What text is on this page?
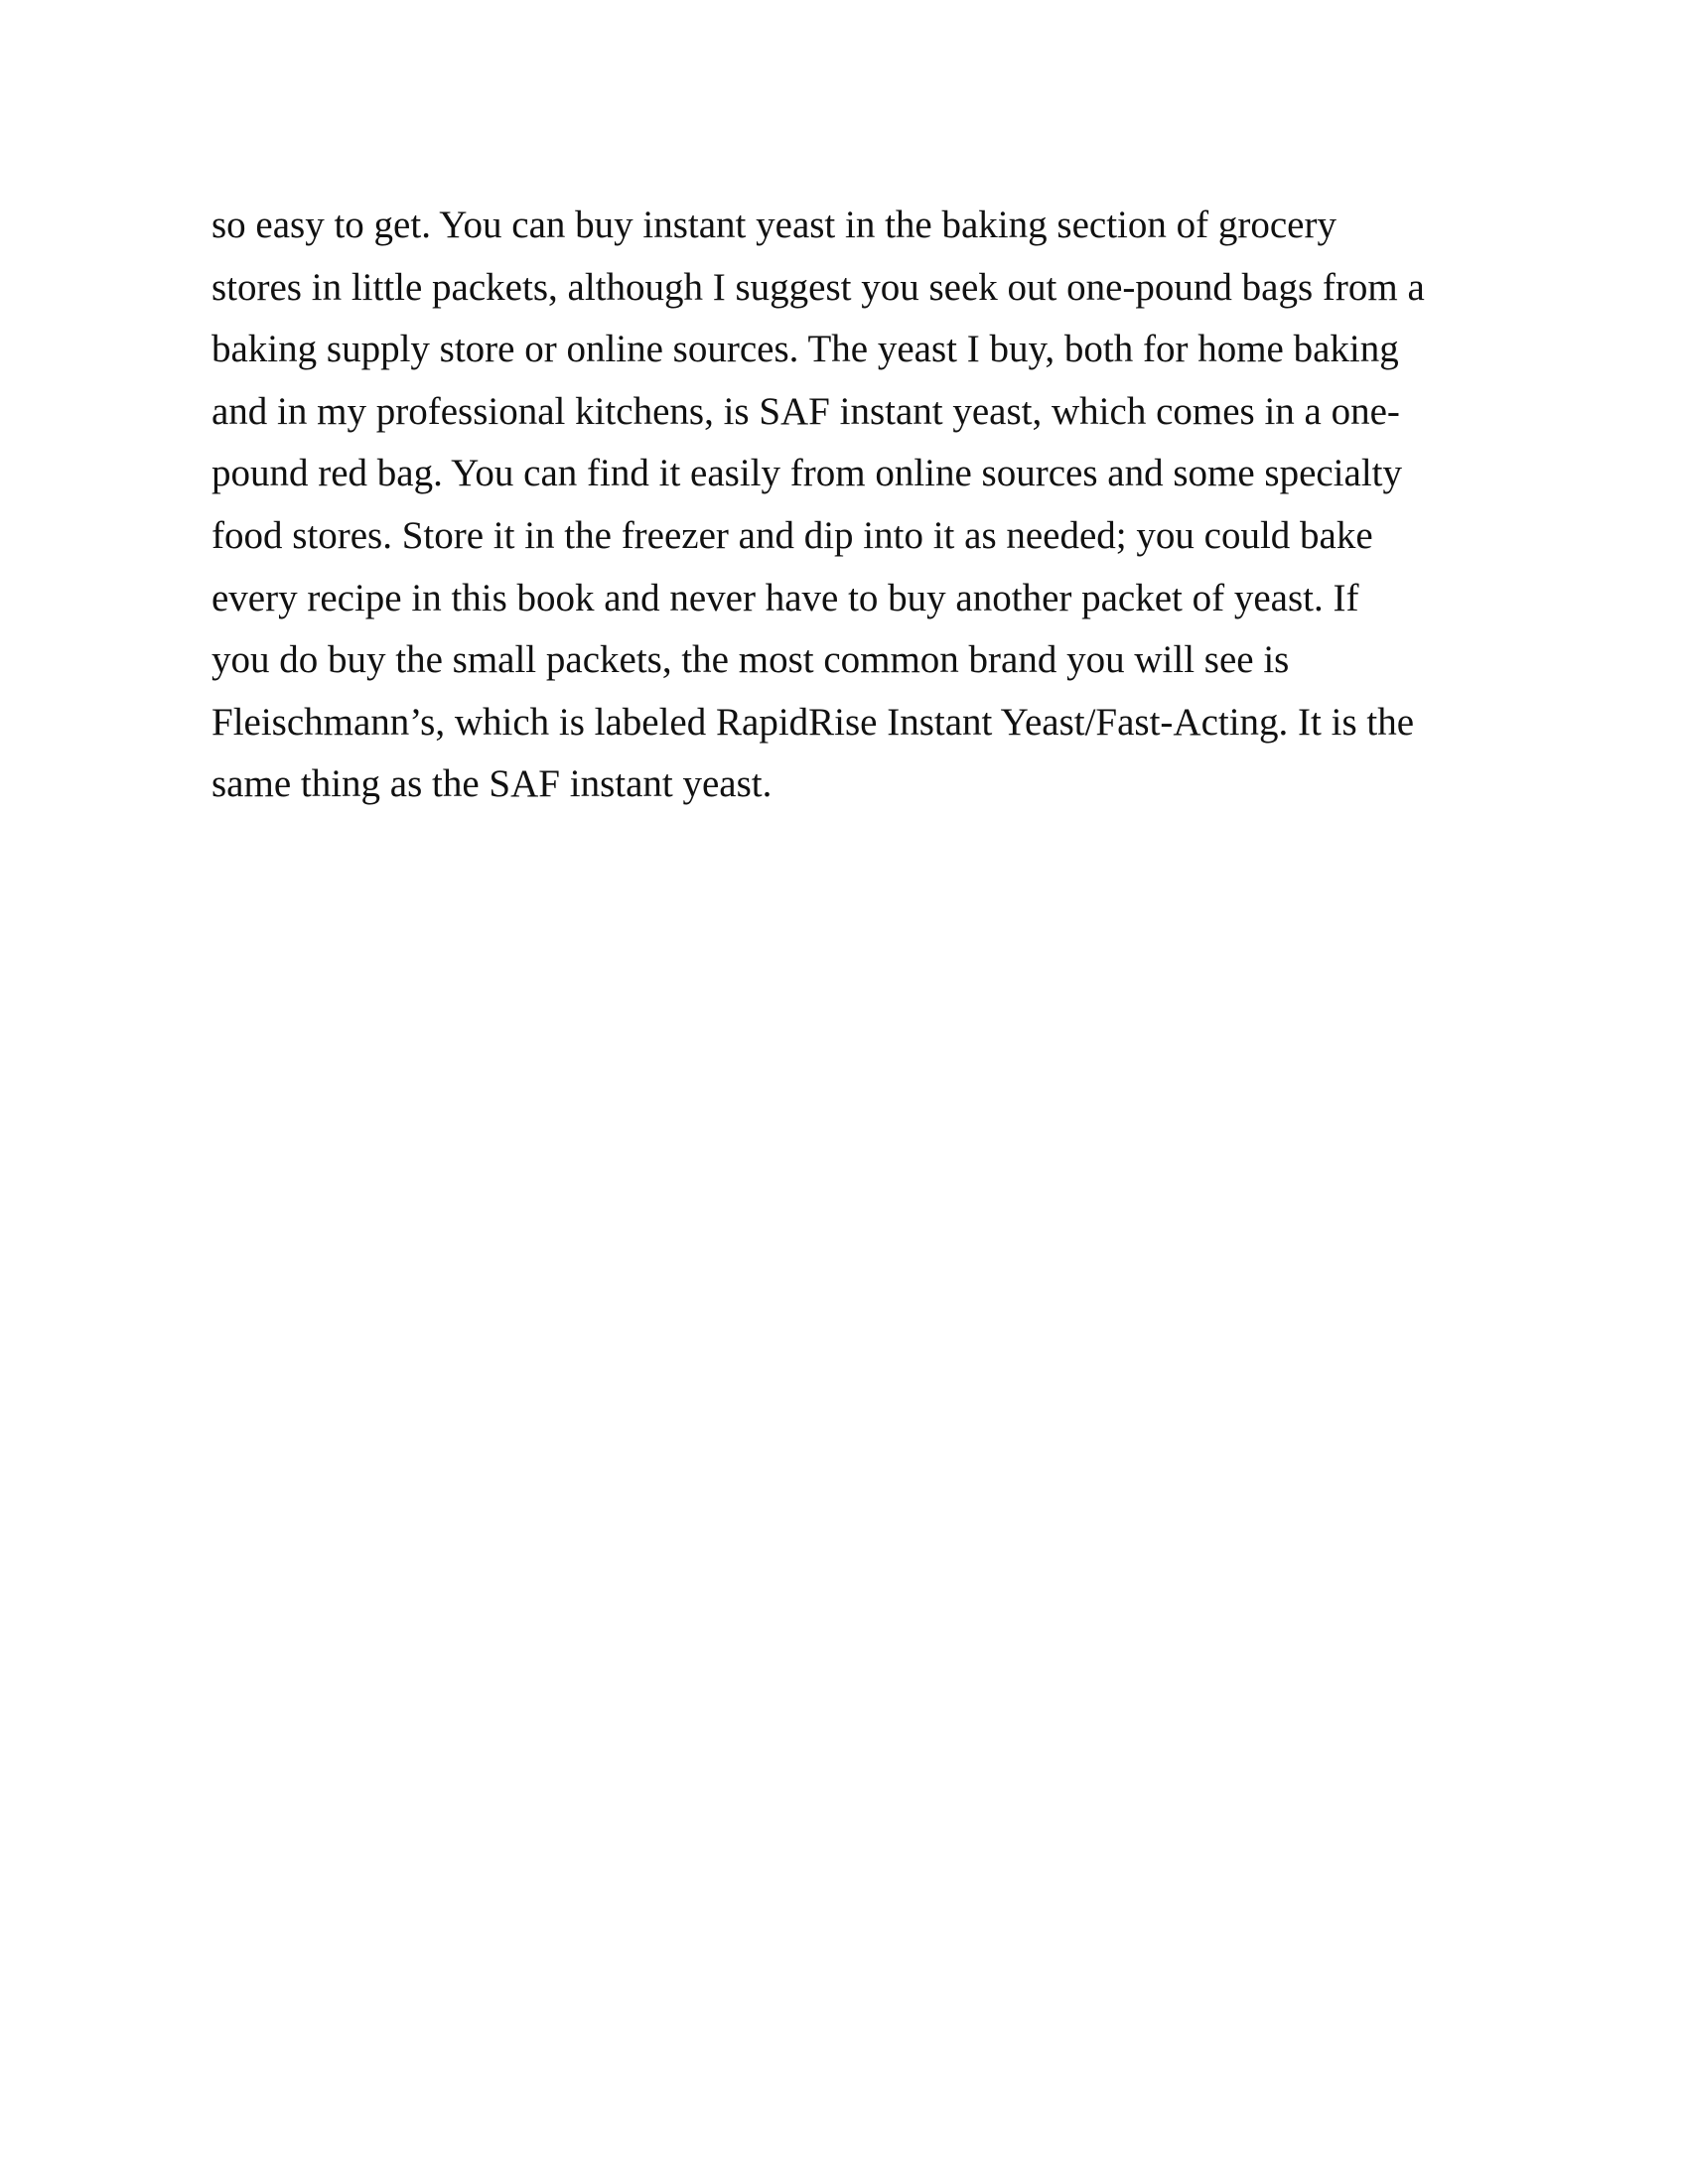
so easy to get. You can buy instant yeast in the baking section of grocery
stores in little packets, although I suggest you seek out one-pound bags from a
baking supply store or online sources. The yeast I buy, both for home baking
and in my professional kitchens, is SAF instant yeast, which comes in a one-
pound red bag. You can find it easily from online sources and some specialty
food stores. Store it in the freezer and dip into it as needed; you could bake
every recipe in this book and never have to buy another packet of yeast. If
you do buy the small packets, the most common brand you will see is
Fleischmann’s, which is labeled RapidRise Instant Yeast/Fast-Acting. It is the
same thing as the SAF instant yeast.
